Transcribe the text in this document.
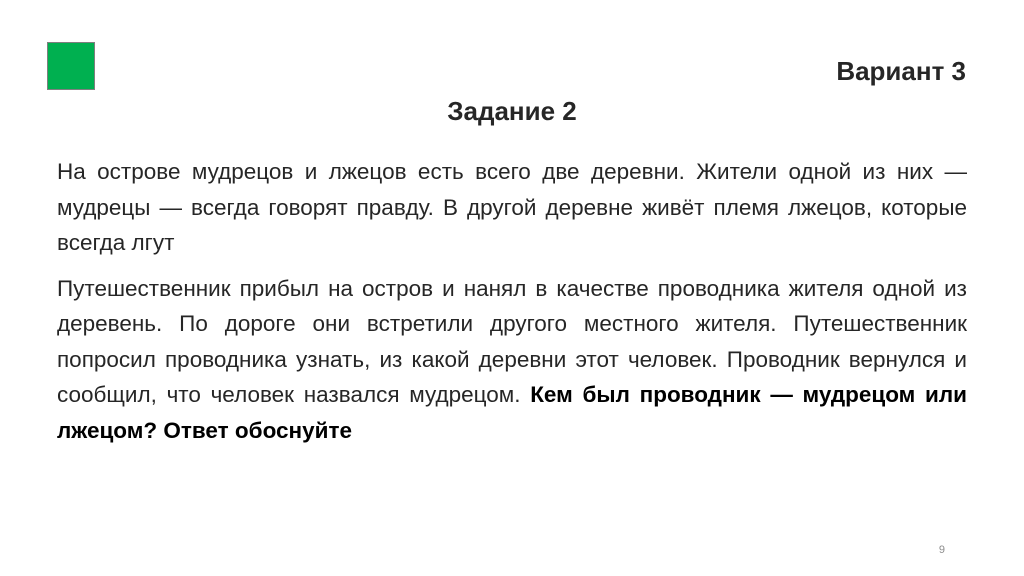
Вариант 3
Задание 2

На острове мудрецов и лжецов есть всего две деревни. Жители одной из них — мудрецы — всегда говорят правду. В другой деревне живёт племя лжецов, которые всегда лгут

Путешественник прибыл на остров и нанял в качестве проводника жителя одной из деревень. По дороге они встретили другого местного жителя. Путешественник попросил проводника узнать, из какой деревни этот человек. Проводник вернулся и сообщил, что человек назвался мудрецом. Кем был проводник — мудрецом или лжецом? Ответ обоснуйте

9
